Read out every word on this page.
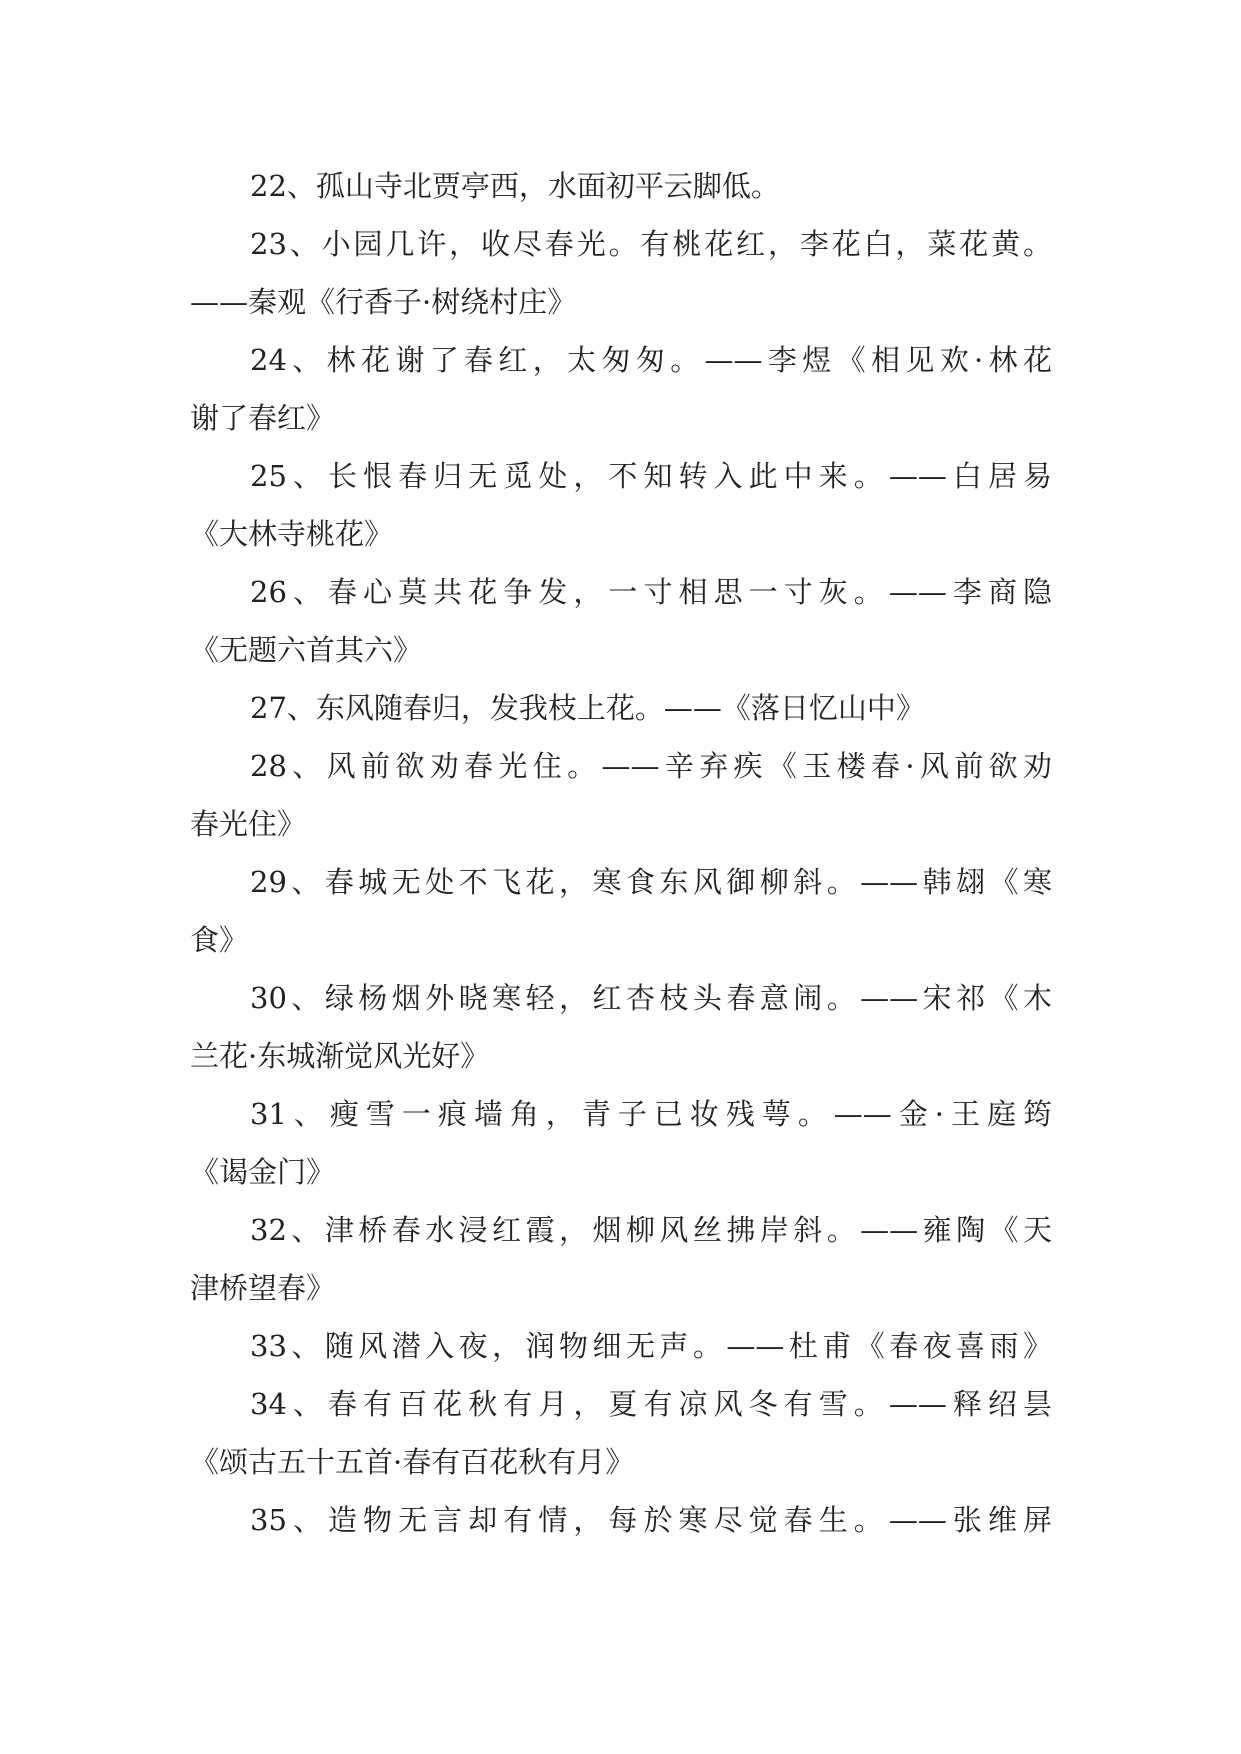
22、孤山寺北贾亭西，水面初平云脚低。
23、小园几许，收尽春光。有桃花红，李花白，菜花黄。
——秦观《行香子·树绕村庄》
24、林花谢了春红，太匆匆。——李煜《相见欢·林花
谢了春红》
25、长恨春归无觅处，不知转入此中来。——白居易
《大林寺桃花》
26、春心莫共花争发，一寸相思一寸灰。——李商隐
《无题六首其六》
27、东风随春归，发我枝上花。——《落日忆山中》
28、风前欲劝春光住。——辛弃疾《玉楼春·风前欲劝
春光住》
29、春城无处不飞花，寒食东风御柳斜。——韩翃《寒
食》
30、绿杨烟外晓寒轻，红杏枝头春意闹。——宋祁《木
兰花·东城渐觉风光好》
31、瘦雪一痕墙角，青子已妆残萼。——金·王庭筠
《谒金门》
32、津桥春水浸红霞，烟柳风丝拂岸斜。——雍陶《天
津桥望春》
33、随风潜入夜，润物细无声。——杜甫《春夜喜雨》
34、春有百花秋有月，夏有凉风冬有雪。——释绍昙
《颂古五十五首·春有百花秋有月》
35、造物无言却有情，每於寒尽觉春生。——张维屏
